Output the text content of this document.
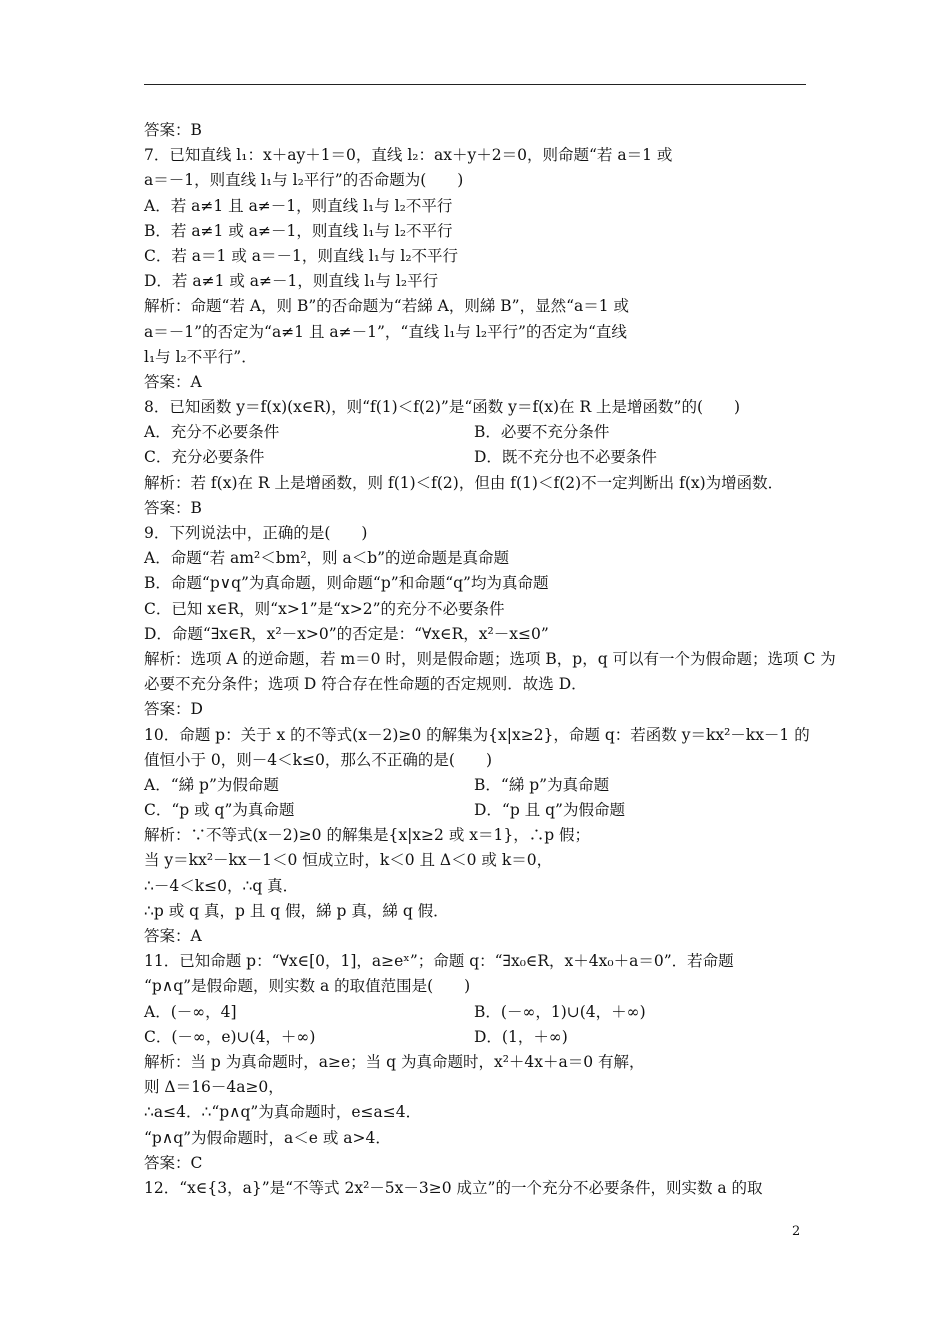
答案：B
7．已知直线 l₁：x＋ay＋1＝0，直线 l₂：ax＋y＋2＝0，则命题“若 a＝1 或
a＝－1，则直线 l₁与 l₂平行”的否命题为(　　)
A．若 a≠1 且 a≠－1，则直线 l₁与 l₂不平行
B．若 a≠1 或 a≠－1，则直线 l₁与 l₂不平行
C．若 a＝1 或 a＝－1，则直线 l₁与 l₂不平行
D．若 a≠1 或 a≠－1，则直线 l₁与 l₂平行
解析：命题“若 A，则 B”的否命题为“若綈 A，则綈 B”，显然“a＝1 或
a＝－1”的否定为“a≠1 且 a≠－1”，“直线 l₁与 l₂平行”的否定为“直线
l₁与 l₂不平行”．
答案：A
8．已知函数 y＝f(x)(x∈R)，则“f(1)＜f(2)”是“函数 y＝f(x)在 R 上是增函数”的(　　)
A．充分不必要条件	B．必要不充分条件
C．充分必要条件	D．既不充分也不必要条件
解析：若 f(x)在 R 上是增函数，则 f(1)＜f(2)，但由 f(1)＜f(2)不一定判断出 f(x)为增函数．
答案：B
9．下列说法中，正确的是(　　)
A．命题“若 am²＜bm²，则 a＜b”的逆命题是真命题
B．命题“p∨q”为真命题，则命题“p”和命题“q”均为真命题
C．已知 x∈R，则“x>1”是“x>2”的充分不必要条件
D．命题“∃x∈R，x²－x>0”的否定是：“∀x∈R，x²－x≤0”
解析：选项 A 的逆命题，若 m＝0 时，则是假命题；选项 B，p，q 可以有一个为假命题；选项 C 为
必要不充分条件；选项 D 符合存在性命题的否定规则．故选 D．
答案：D
10．命题 p：关于 x 的不等式(x－2)≥0 的解集为{x|x≥2}，命题 q：若函数 y＝kx²－kx－1 的
值恒小于 0，则－4＜k≤0，那么不正确的是(　　)
A．“綈 p”为假命题	B．“綈 p”为真命题
C．“p 或 q”为真命题	D．“p 且 q”为假命题
解析：∵不等式(x－2)≥0 的解集是{x|x≥2 或 x＝1}，∴p 假；
当 y＝kx²－kx－1＜0 恒成立时，k＜0 且 Δ＜0 或 k＝0，
∴－4＜k≤0，∴q 真．
∴p 或 q 真，p 且 q 假，綈 p 真，綈 q 假．
答案：A
11．已知命题 p：“∀x∈[0，1]，a≥eˣ”；命题 q：“∃x₀∈R，x＋4x₀＋a＝0”．若命题
“p∧q”是假命题，则实数 a 的取值范围是(　　)
A．(－∞，4]	B．(－∞，1)∪(4，＋∞)
C．(－∞，e)∪(4，＋∞)	D．(1，＋∞)
解析：当 p 为真命题时，a≥e；当 q 为真命题时，x²＋4x＋a＝0 有解，
则 Δ＝16－4a≥0，
∴a≤4．∴“p∧q”为真命题时，e≤a≤4．
“p∧q”为假命题时，a＜e 或 a>4．
答案：C
12．“x∈{3，a}”是“不等式 2x²－5x－3≥0 成立”的一个充分不必要条件，则实数 a 的取
2
